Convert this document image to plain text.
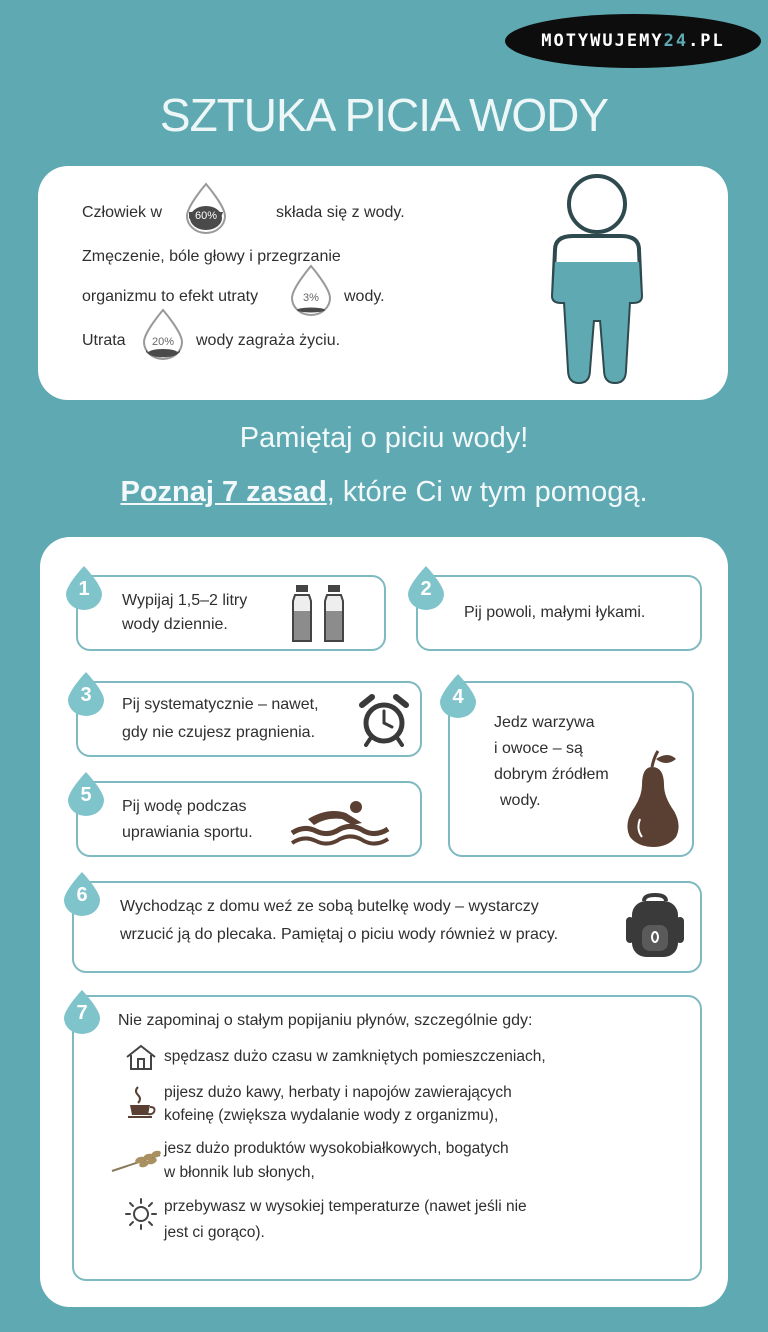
MOTYWUJEMY 24 .PL
SZTUKA PICIA WODY
Człowiek w	60%	składa się z wody.
Zmęczenie, bóle głowy i przegrzanie
organizmu to efekt utraty	3%	wody.
Utrata	20%	wody zagraża życiu.
Pamiętaj o piciu wody!
Poznaj 7 zasad, które Ci w tym pomogą.
Wypijaj 1,5–2 litry
wody dziennie.
1
Pij powoli, małymi łykami.
2
Pij systematycznie – nawet,
gdy nie czujesz pragnienia.
3
Jedz warzywa
i owoce – są
dobrym źródłem
wody.
4
Pij wodę podczas
uprawiania sportu.
5
Wychodząc z domu weź ze sobą butelkę wody – wystarczy
wrzucić ją do plecaka. Pamiętaj o piciu wody również w pracy.
6
Nie zapominaj o stałym popijaniu płynów, szczególnie gdy:
7
spędzasz dużo czasu w zamkniętych pomieszczeniach,
pijesz dużo kawy, herbaty i napojów zawierających
kofeinę (zwiększa wydalanie wody z organizmu),
jesz dużo produktów wysokobiałkowych, bogatych
w błonnik lub słonych,
przebywasz w wysokiej temperaturze (nawet jeśli nie
jest ci gorąco).
